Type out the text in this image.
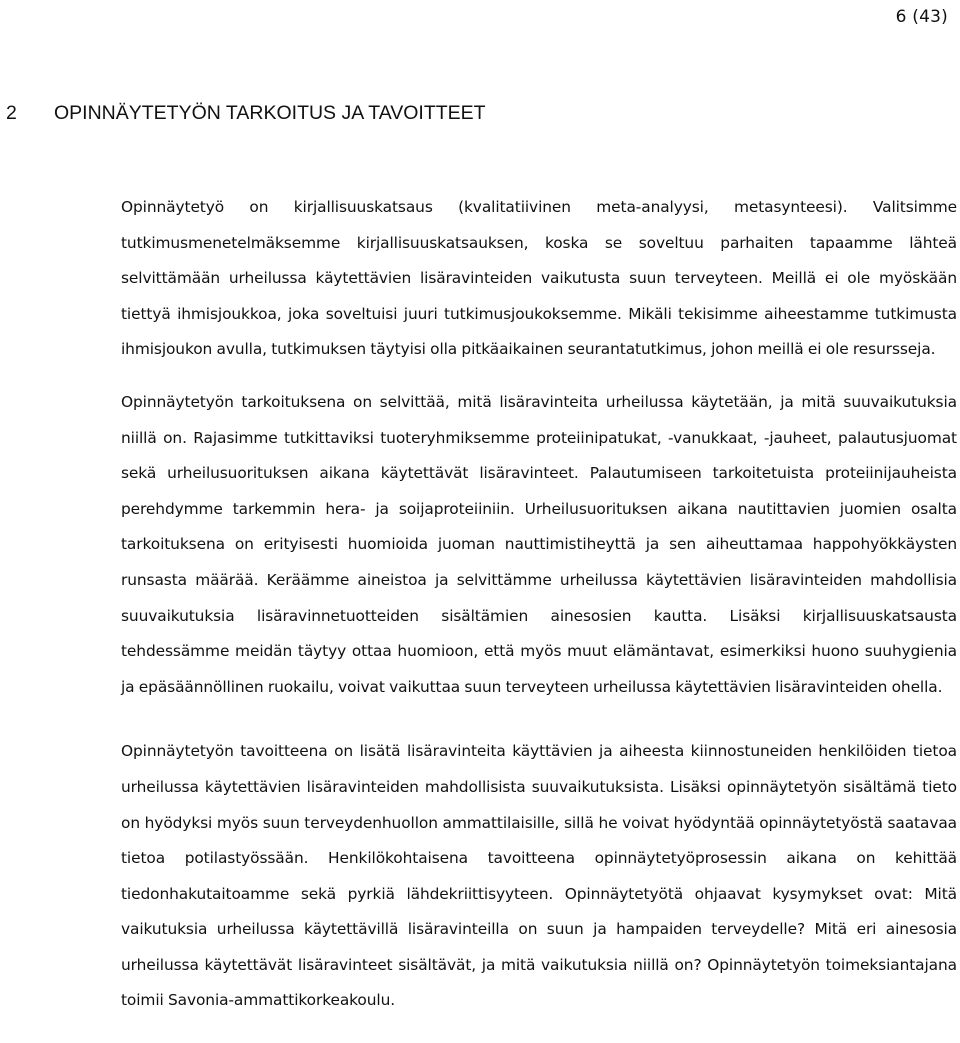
6 (43)
2 OPINNÄYTETYÖN TARKOITUS JA TAVOITTEET

Opinnäytetyö on kirjallisuuskatsaus (kvalitatiivinen meta-analyysi, metasynteesi). Valitsimme tutkimusmenetelmäksemme kirjallisuuskatsauksen, koska se soveltuu parhaiten tapaamme lähteä selvittämään urheilussa käytettävien lisäravinteiden vaikutusta suun terveyteen. Meillä ei ole myöskään tiettyä ihmisjoukkoa, joka soveltuisi juuri tutkimusjoukoksemme. Mikäli tekisimme aiheestamme tutkimusta ihmisjoukon avulla, tutkimuksen täytyisi olla pitkäaikainen seurantatutkimus, johon meillä ei ole resursseja.

Opinnäytetyön tarkoituksena on selvittää, mitä lisäravinteita urheilussa käytetään, ja mitä suuvaikutuksia niillä on. Rajasimme tutkittaviksi tuoteryhmiksemme proteiinipatukat, -vanukkaat, -jauheet, palautusjuomat sekä urheilusuorituksen aikana käytettävät lisäravinteet. Palautumiseen tarkoitetuista proteiinijauheista perehdymme tarkemmin hera- ja soijaproteiiniin. Urheilusuorituksen aikana nautittavien juomien osalta tarkoituksena on erityisesti huomioida juoman nauttimistiheyttä ja sen aiheuttamaa happohyökkäysten runsasta määrää. Keräämme aineistoa ja selvittämme urheilussa käytettävien lisäravinteiden mahdollisia suuvaikutuksia lisäravinnetuotteiden sisältämien ainesosien kautta. Lisäksi kirjallisuuskatsausta tehdessämme meidän täytyy ottaa huomioon, että myös muut elämäntavat, esimerkiksi huono suuhygienia ja epäsäännöllinen ruokailu, voivat vaikuttaa suun terveyteen urheilussa käytettävien lisäravinteiden ohella.

Opinnäytetyön tavoitteena on lisätä lisäravinteita käyttävien ja aiheesta kiinnostuneiden henkilöiden tietoa urheilussa käytettävien lisäravinteiden mahdollisista suuvaikutuksista. Lisäksi opinnäytetyön sisältämä tieto on hyödyksi myös suun terveydenhuollon ammattilaisille, sillä he voivat hyödyntää opinnäytetyöstä saatavaa tietoa potilastyössään. Henkilökohtaisena tavoitteena opinnäytetyöprosessin aikana on kehittää tiedonhakutaitoamme sekä pyrkiä lähdekriittisyyteen. Opinnäytetyötä ohjaavat kysymykset ovat: Mitä vaikutuksia urheilussa käytettävillä lisäravinteilla on suun ja hampaiden terveydelle? Mitä eri ainesosia urheilussa käytettävät lisäravinteet sisältävät, ja mitä vaikutuksia niillä on? Opinnäytetyön toimeksiantajana toimii Savonia-ammattikorkeakoulu.
